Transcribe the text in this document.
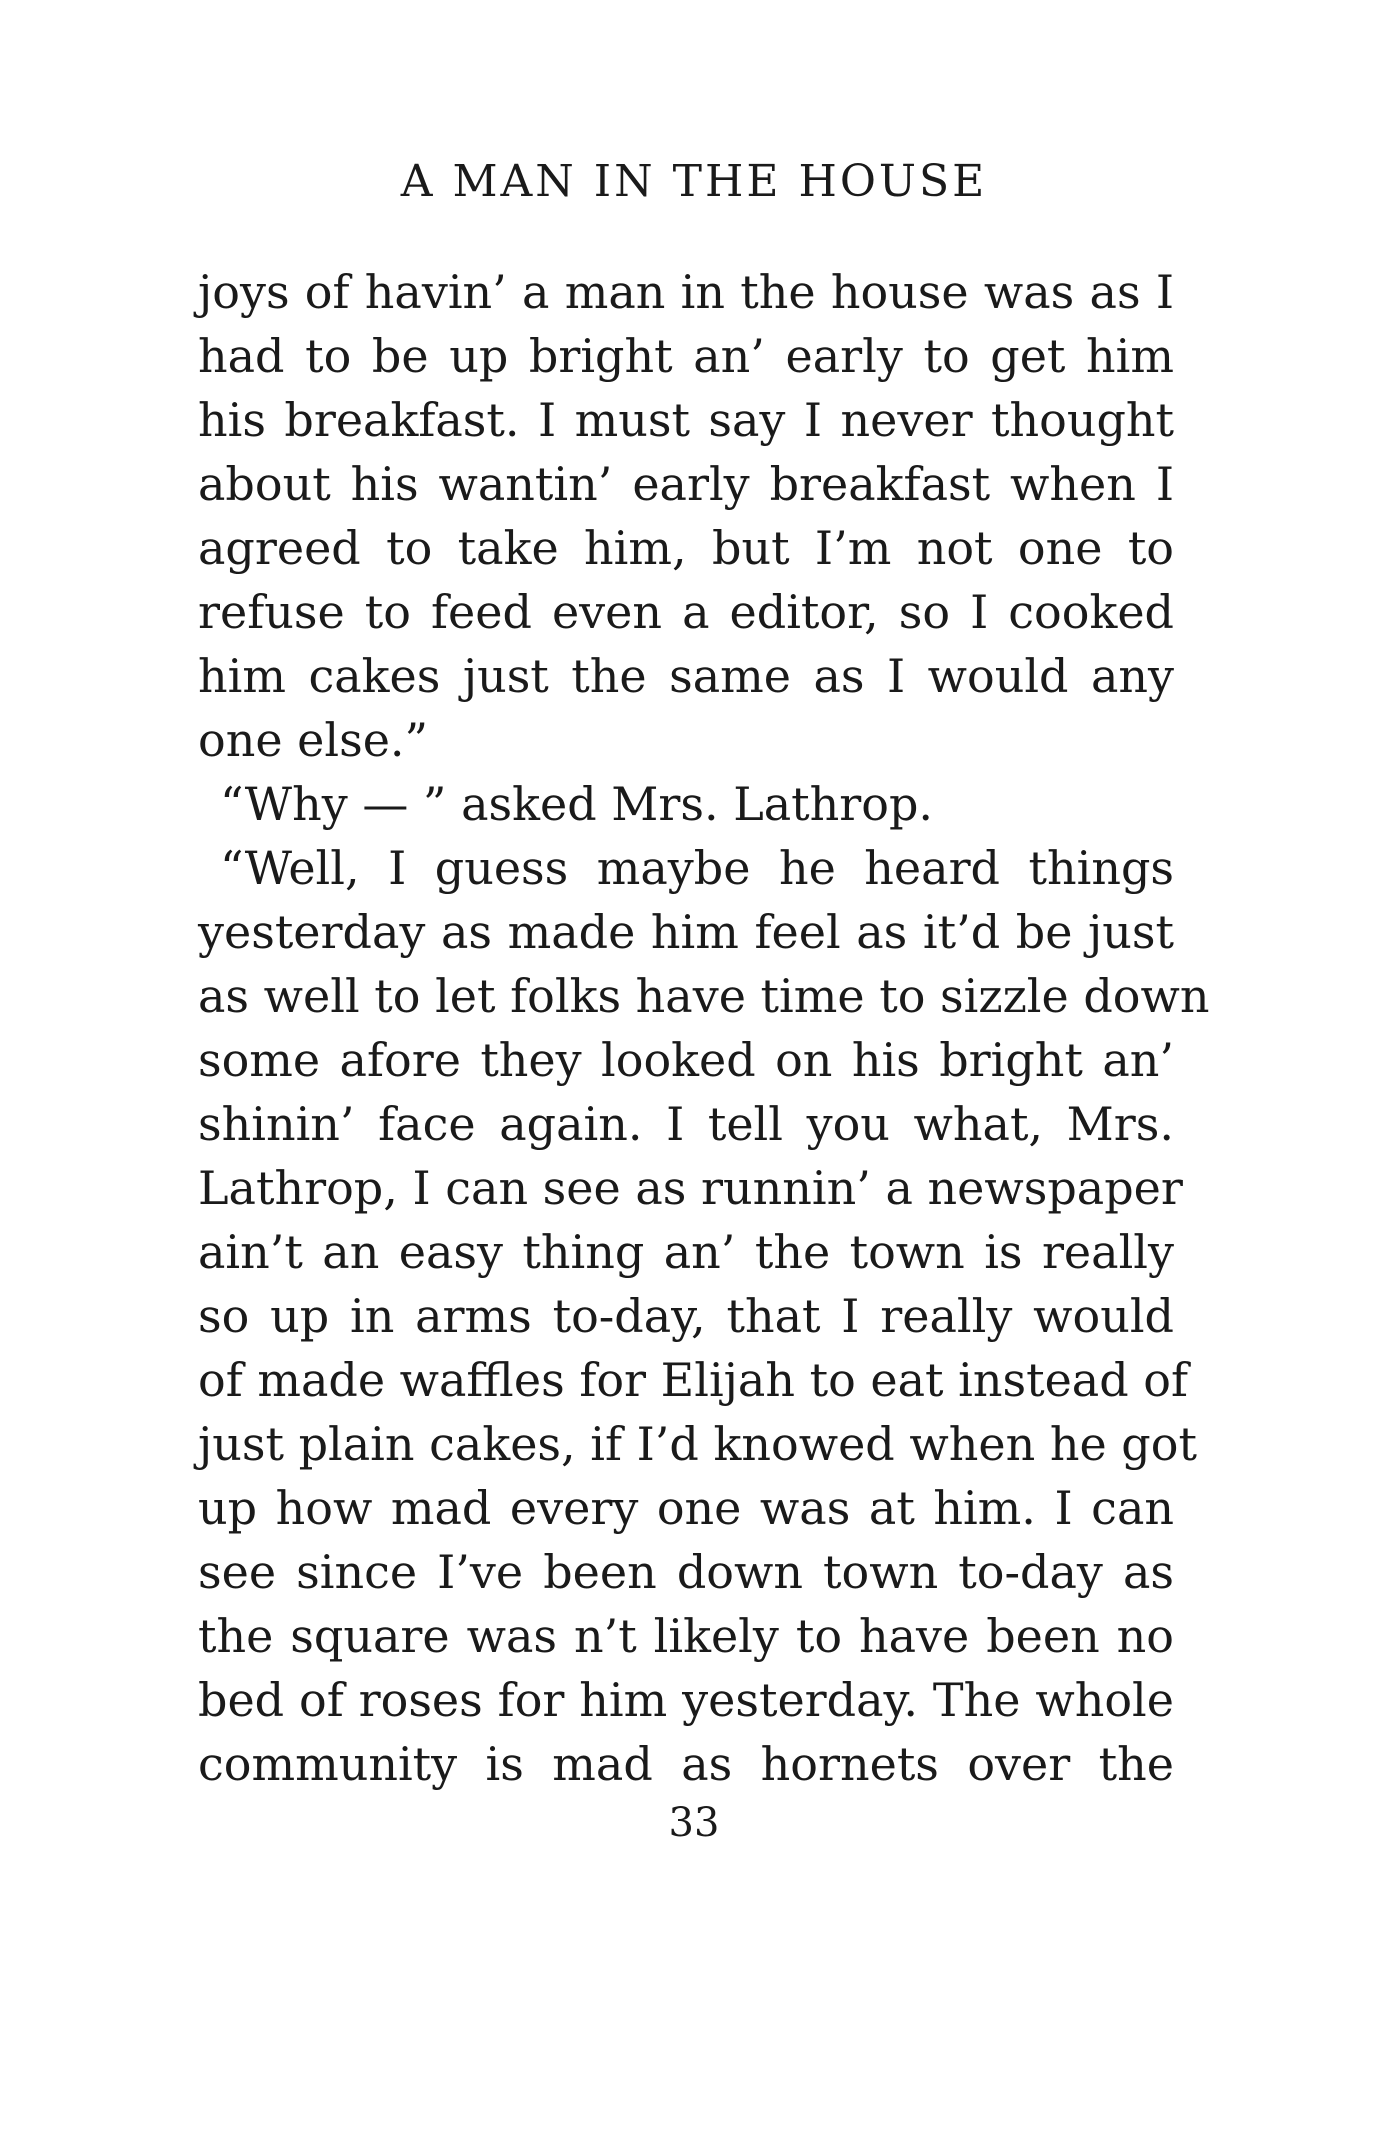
A MAN IN THE HOUSE
joys of havin’ a man in the house was as I
had to be up bright an’ early to get him
his breakfast. I must say I never thought
about his wantin’ early breakfast when I
agreed to take him, but I’m not one to
refuse to feed even a editor, so I cooked
him cakes just the same as I would any
one else.”
“Why — ” asked Mrs. Lathrop.
“Well, I guess maybe he heard things
yesterday as made him feel as it’d be just
as well to let folks have time to sizzle down
some afore they looked on his bright an’
shinin’ face again. I tell you what, Mrs.
Lathrop, I can see as runnin’ a newspaper
ain’t an easy thing an’ the town is really
so up in arms to-day, that I really would
of made waffles for Elijah to eat instead of
just plain cakes, if I’d knowed when he got
up how mad every one was at him. I can
see since I’ve been down town to-day as
the square was n’t likely to have been no
bed of roses for him yesterday. The whole
community is mad as hornets over the
33
